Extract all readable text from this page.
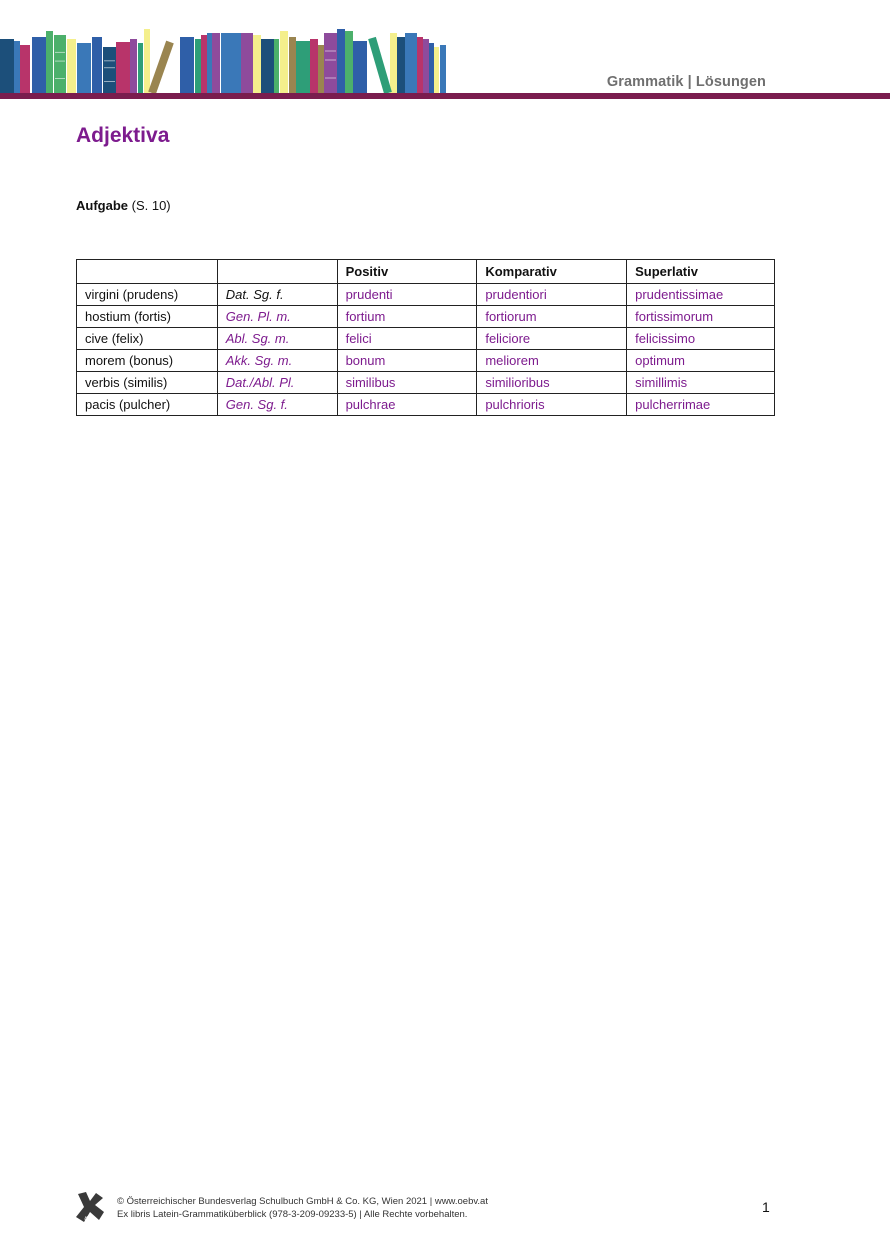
Grammatik | Lösungen
Adjektiva
Aufgabe (S. 10)
		Positiv	Komparativ	Superlativ
virgini (prudens)	Dat. Sg. f.	prudenti	prudentiori	prudentissimae
hostium (fortis)	Gen. Pl. m.	fortium	fortiorum	fortissimorum
cive (felix)	Abl. Sg. m.	felici	feliciore	felicissimo
morem (bonus)	Akk. Sg. m.	bonum	meliorem	optimum
verbis (similis)	Dat./Abl. Pl.	similibus	similioribus	simillimis
pacis (pulcher)	Gen. Sg. f.	pulchrae	pulchrioris	pulcherrimae
öbv
© Österreichischer Bundesverlag Schulbuch GmbH & Co. KG, Wien 2021 | www.oebv.at
Ex libris Latein-Grammatiküberblick (978-3-209-09233-5) | Alle Rechte vorbehalten.	1
